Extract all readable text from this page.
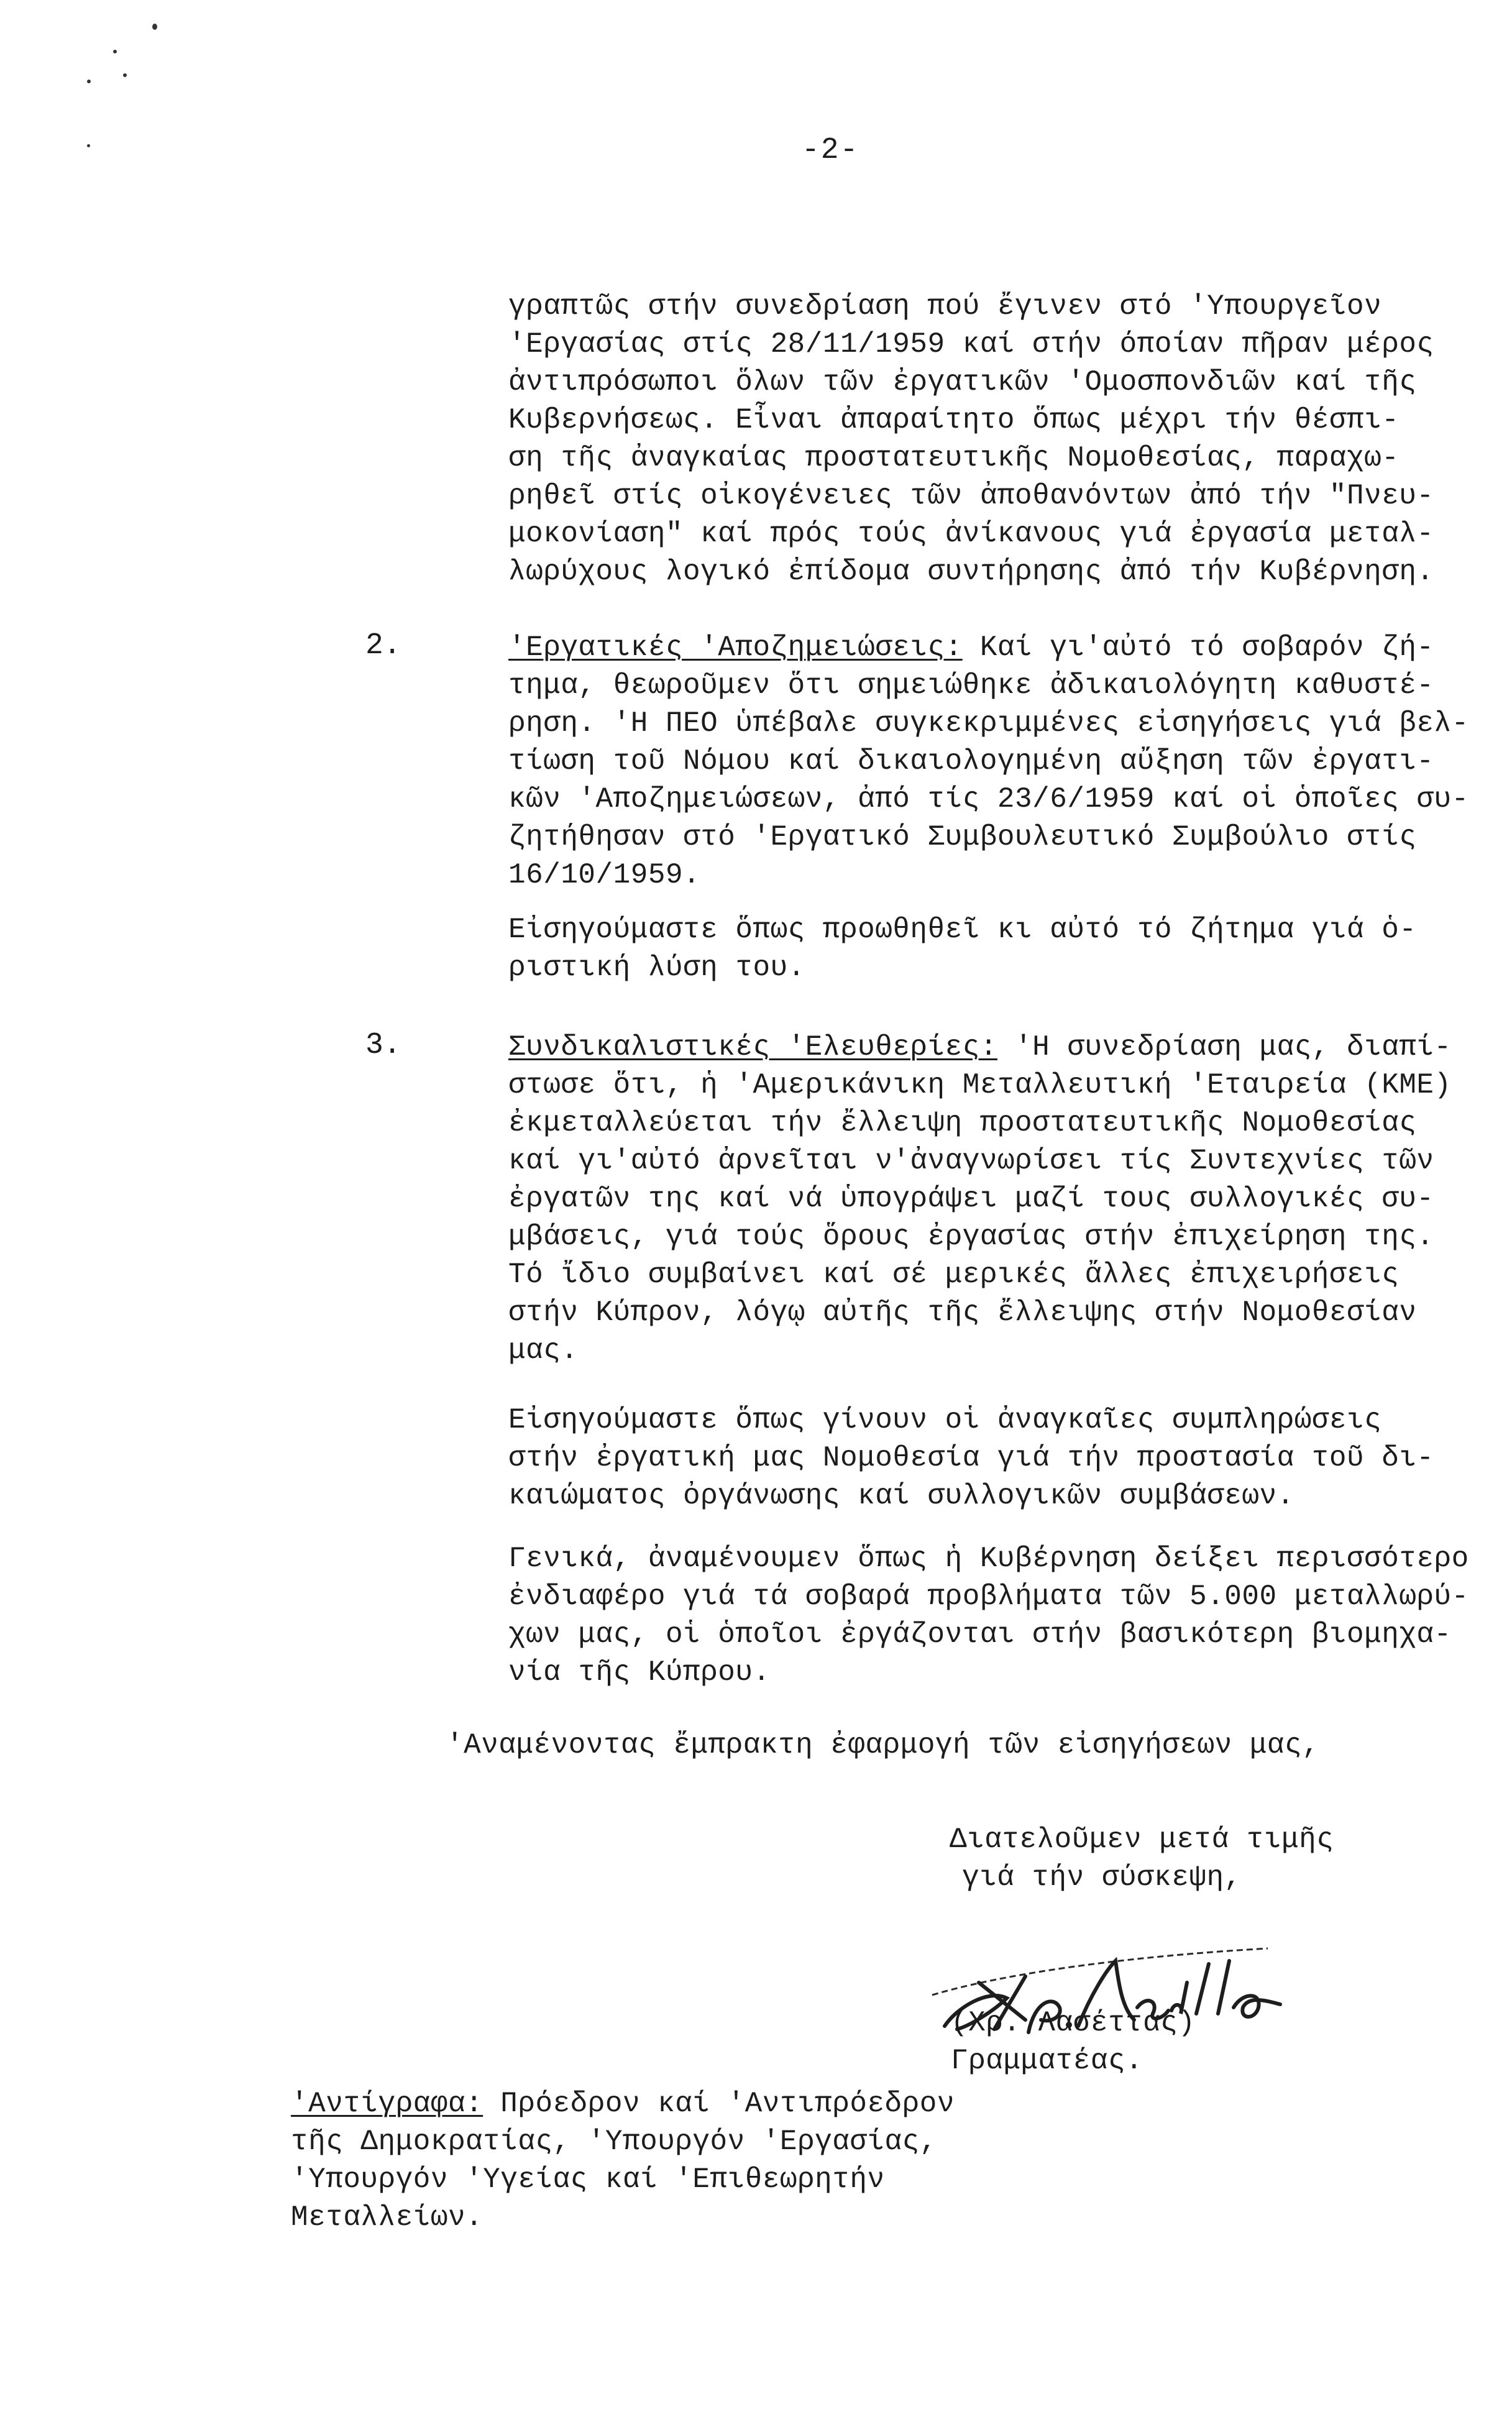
-2-
γραπτῶς στήν συνεδρίαση πού ἔγινεν στό 'Υπουργεῖον
'Εργασίας στίς 28/11/1959 καί στήν όποίαν πῆραν μέρος
ἀντιπρόσωποι ὅλων τῶν ἐργατικῶν 'Ομοσπονδιῶν καί τῆς
Κυβερνήσεως. Εἶναι ἀπαραίτητο ὅπως μέχρι τήν θέσπι-
ση τῆς ἀναγκαίας προστατευτικῆς Νομοθεσίας, παραχω-
ρηθεῖ στίς οἰκογένειες τῶν ἀποθανόντων ἀπό τήν "Πνευ-
μοκονίαση" καί πρός τούς ἀνίκανους γιά ἐργασία μεταλ-
λωρύχους λογικό ἐπίδομα συντήρησης ἀπό τήν Κυβέρνηση.
2.	'Εργατικές 'Αποζημειώσεις: Καί γι'αὐτό τό σοβαρόν ζή-
τημα, θεωροῦμεν ὅτι σημειώθηκε ἀδικαιολόγητη καθυστέ-
ρηση. 'Η ΠΕΟ ὑπέβαλε συγκεκριμμένες εἰσηγήσεις γιά βελ-
τίωση τοῦ Νόμου καί δικαιολογημένη αὔξηση τῶν ἐργατι-
κῶν 'Αποζημειώσεων, ἀπό τίς 23/6/1959 καί οἱ ὁποῖες συ-
ζητήθησαν στό 'Εργατικό Συμβουλευτικό Συμβούλιο στίς
16/10/1959.
Εἰσηγούμαστε ὅπως προωθηθεῖ κι αὐτό τό ζήτημα γιά ὁ-
ριστική λύση του.
3.	Συνδικαλιστικές 'Ελευθερίες: 'Η συνεδρίαση μας, διαπί-
στωσε ὅτι, ἡ 'Αμερικάνικη Μεταλλευτική 'Εταιρεία (ΚΜΕ)
ἐκμεταλλεύεται τήν ἔλλειψη προστατευτικῆς Νομοθεσίας
καί γι'αὐτό ἀρνεῖται ν'ἀναγνωρίσει τίς Συντεχνίες τῶν
ἐργατῶν της καί νά ὑπογράψει μαζί τους συλλογικές συ-
μβάσεις, γιά τούς ὅρους ἐργασίας στήν ἐπιχείρηση της.
Τό ἴδιο συμβαίνει καί σέ μερικές ἄλλες ἐπιχειρήσεις
στήν Κύπρον, λόγῳ αὐτῆς τῆς ἔλλειψης στήν Νομοθεσίαν
μας.
Εἰσηγούμαστε ὅπως γίνουν οἱ ἀναγκαῖες συμπληρώσεις
στήν ἐργατική μας Νομοθεσία γιά τήν προστασία τοῦ δι-
καιώματος ὀργάνωσης καί συλλογικῶν συμβάσεων.
Γενικά, ἀναμένουμεν ὅπως ἡ Κυβέρνηση δείξει περισσότερο
ἐνδιαφέρο γιά τά σοβαρά προβλήματα τῶν 5.000 μεταλλωρύ-
χων μας, οἱ ὁποῖοι ἐργάζονται στήν βασικότερη βιομηχα-
νία τῆς Κύπρου.
'Αναμένοντας ἔμπρακτη ἐφαρμογή τῶν εἰσηγήσεων μας,
Διατελοῦμεν μετά τιμῆς
γιά τήν σύσκεψη,
(Χρ. Λασέττας)
Γραμματέας.
'Αντίγραφα: Πρόεδρον καί 'Αντιπρόεδρον
τῆς Δημοκρατίας, 'Υπουργόν 'Εργασίας,
'Υπουργόν 'Υγείας καί 'Επιθεωρητήν
Μεταλλείων.
